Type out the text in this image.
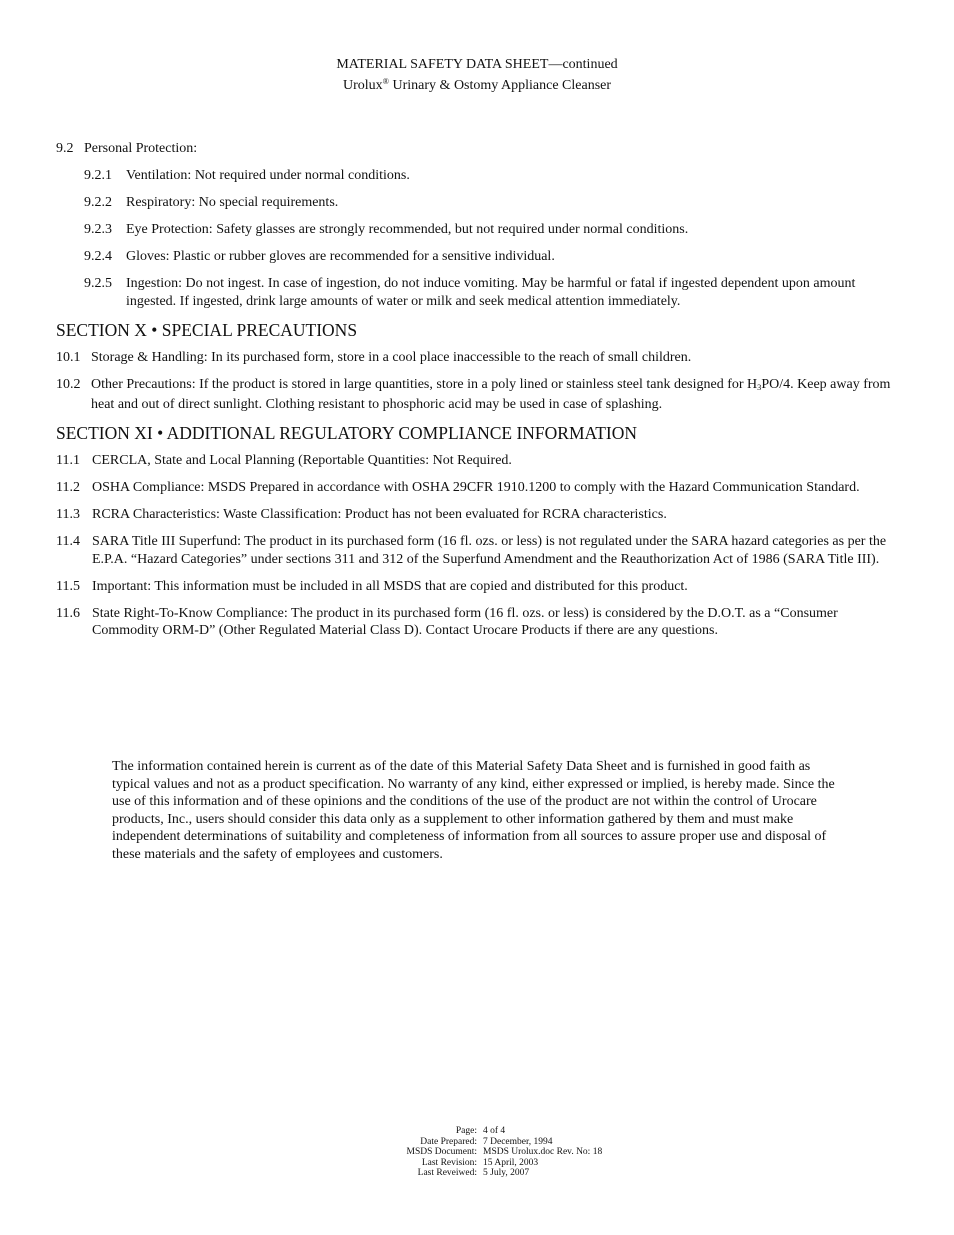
MATERIAL SAFETY DATA SHEET—continued
Urolux® Urinary & Ostomy Appliance Cleanser
9.2 Personal Protection:
9.2.1	Ventilation: Not required under normal conditions.
9.2.2	Respiratory: No special requirements.
9.2.3	Eye Protection: Safety glasses are strongly recommended, but not required under normal conditions.
9.2.4	Gloves: Plastic or rubber gloves are recommended for a sensitive individual.
9.2.5	Ingestion: Do not ingest. In case of ingestion, do not induce vomiting. May be harmful or fatal if ingested dependent upon amount ingested. If ingested, drink large amounts of water or milk and seek medical attention immediately.
SECTION X • SPECIAL PRECAUTIONS
10.1 Storage & Handling: In its purchased form, store in a cool place inaccessible to the reach of small children.
10.2 Other Precautions: If the product is stored in large quantities, store in a poly lined or stainless steel tank designed for $H_3PO/4$. Keep away from heat and out of direct sunlight. Clothing resistant to phosphoric acid may be used in case of splashing.
SECTION XI • ADDITIONAL REGULATORY COMPLIANCE INFORMATION
11.1 CERCLA, State and Local Planning (Reportable Quantities: Not Required.
11.2 OSHA Compliance: MSDS Prepared in accordance with OSHA 29CFR 1910.1200 to comply with the Hazard Communication Standard.
11.3 RCRA Characteristics: Waste Classification: Product has not been evaluated for RCRA characteristics.
11.4 SARA Title III Superfund: The product in its purchased form (16 fl. ozs. or less) is not regulated under the SARA hazard categories as per the E.P.A. “Hazard Categories” under sections 311 and 312 of the Superfund Amendment and the Reauthorization Act of 1986 (SARA Title III).
11.5 Important: This information must be included in all MSDS that are copied and distributed for this product.
11.6 State Right-To-Know Compliance: The product in its purchased form (16 fl. ozs. or less) is considered by the D.O.T. as a “Consumer Commodity ORM-D” (Other Regulated Material Class D). Contact Urocare Products if there are any questions.
The information contained herein is current as of the date of this Material Safety Data Sheet and is furnished in good faith as typical values and not as a product specification. No warranty of any kind, either expressed or implied, is hereby made. Since the use of this information and of these opinions and the conditions of the use of the product are not within the control of Urocare products, Inc., users should consider this data only as a supplement to other information gathered by them and must make independent determinations of suitability and completeness of information from all sources to assure proper use and disposal of these materials and the safety of employees and customers.
Page: 4 of 4
Date Prepared: 7 December, 1994
MSDS Document: MSDS Urolux.doc Rev. No: 18
Last Revision: 15 April, 2003
Last Reveiwed: 5 July, 2007
